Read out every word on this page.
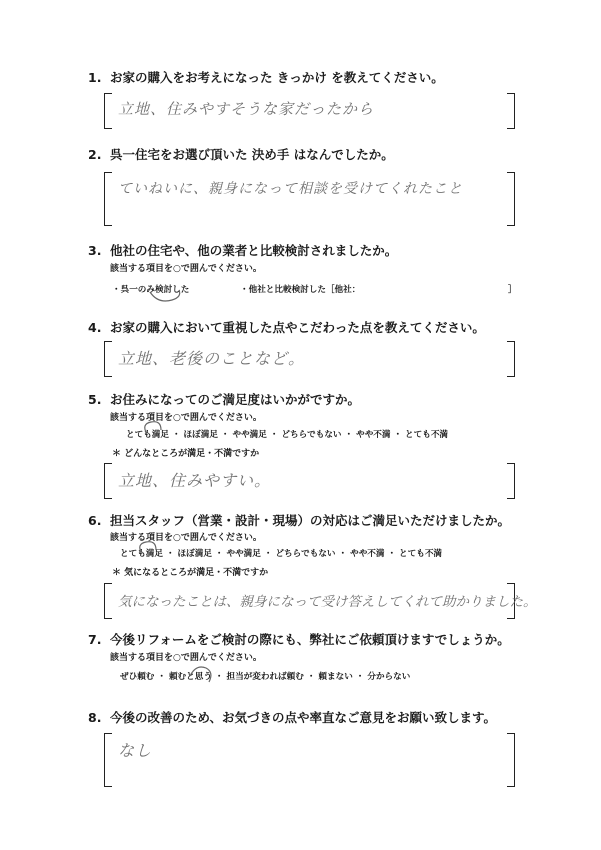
1. お家の購入をお考えになった きっかけ を教えてください。
立地、住みやすそうな家だったから
2. 呉一住宅をお選び頂いた 決め手 はなんでしたか。
ていねいに、親身になって相談を受けてくれたこと
3. 他社の住宅や、他の業者と比較検討されましたか。
該当する項目を○で囲んでください。
・呉一のみ検討した	・他社と比較検討した［他社：	］
4. お家の購入において重視した点やこだわった点を教えてください。
立地、老後のことなど。
5. お住みになってのご満足度はいかがですか。
該当する項目を○で囲んでください。
とても満足 ・ ほぼ満足 ・ やや満足 ・ どちらでもない ・ やや不満 ・ とても不満
＊ どんなところが満足・不満ですか
立地、住みやすい。
6. 担当スタッフ（営業・設計・現場）の対応はご満足いただけましたか。
該当する項目を○で囲んでください。
とても満足 ・ ほぼ満足 ・ やや満足 ・ どちらでもない ・ やや不満 ・ とても不満
＊ 気になるところが満足・不満ですか
気になったことは、親身になって受け答えしてくれて助かりました。
7. 今後リフォームをご検討の際にも、弊社にご依頼頂けますでしょうか。
該当する項目を○で囲んでください。
ぜひ頼む ・ 頼むと思う ・ 担当が変われば頼む ・ 頼まない ・ 分からない
8. 今後の改善のため、お気づきの点や率直なご意見をお願い致します。
なし
